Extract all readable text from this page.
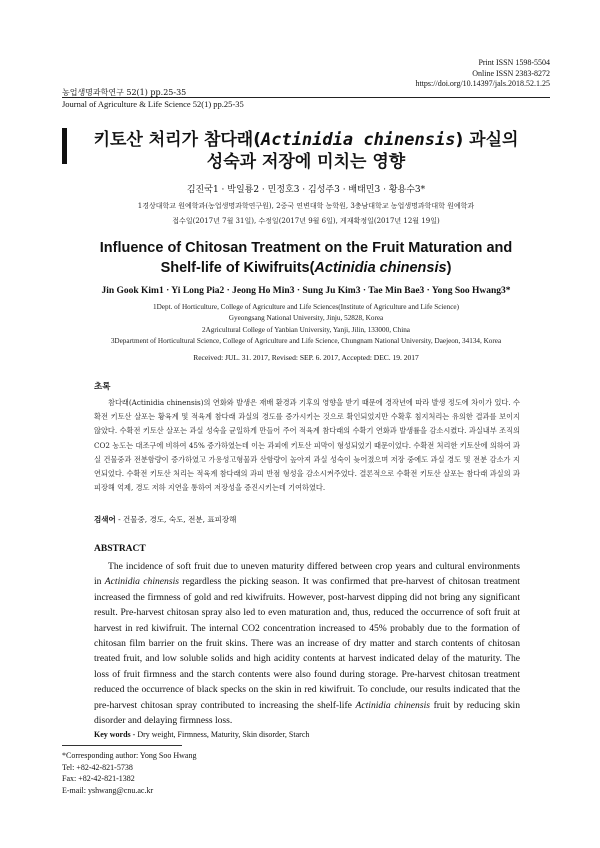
Print ISSN 1598-5504
Online ISSN 2383-8272
https://doi.org/10.14397/jals.2018.52.1.25
농업생명과학연구 52(1) pp.25-35
Journal of Agriculture & Life Science 52(1) pp.25-35
키토산 처리가 참다래(Actinidia chinensis) 과실의
성숙과 저장에 미치는 영향
김진국1 · 박일룡2 · 민정호3 · 김성주3 · 배태민3 · 황용수3*
1경상대학교 원예학과(농업생명과학연구원), 2중국 연변대학 농학원, 3충남대학교 농업생명과학대학 원예학과
접수일(2017년 7월 31일), 수정일(2017년 9월 6일), 게재확정일(2017년 12월 19일)
Influence of Chitosan Treatment on the Fruit Maturation and
Shelf-life of Kiwifruits(Actinidia chinensis)
Jin Gook Kim1 · Yi Long Pia2 · Jeong Ho Min3 · Sung Ju Kim3 · Tae Min Bae3 · Yong Soo Hwang3*
1Dept. of Horticulture, College of Agriculture and Life Sciences(Institute of Agriculture and Life Science)
Gyeongsang National University, Jinju, 52828, Korea
2Agricultural College of Yanbian University, Yanji, Jilin, 133000, China
3Department of Horticultural Science, College of Agriculture and Life Science, Chungnam National University, Daejeon, 34134, Korea
Received: JUL. 31. 2017, Revised: SEP. 6. 2017, Accepted: DEC. 19. 2017
초록
참다래(Actinidia chinensis)의 연화와 발생은 재배 환경과 기후의 영향을 받기 때문에 경작년에 따라 발생 정도에 차이가 있다. 수확전 키토산 살포는 황육계 및 적육계 참다래 과실의 경도를 증가시키는 것으로 확인되었지만 수확후 침지처리는 유의한 결과를 보이지 않았다. 수확전 키토산 살포는 과실 성숙을 균일하게 만들어 주어 적육계 참다래의 수확기 연화과 발생률을 감소시켰다. 과실내부 조직의 CO2 농도는 대조구에 비하여 45% 증가하였는데 이는 과피에 키토산 피막이 형성되었기 때문이었다. 수확전 처리한 키토산에 의하여 과실 건물중과 전분함량이 증가하였고 가용성고형물과 산함량이 높아져 과실 성숙이 늦어졌으며 저장 중에도 과실 경도 및 전분 감소가 지연되었다. 수확전 키토산 처리는 적육계 참다래의 과피 반점 형성을 감소시켜주었다. 결론적으로 수확전 키토산 살포는 참다래 과실의 과피장해 억제, 경도 저하 지연을 통하여 저장성을 증진시키는데 기여하였다.
검색어 - 건물중, 경도, 숙도, 전분, 표피장해
ABSTRACT
The incidence of soft fruit due to uneven maturity differed between crop years and cultural environments in Actinidia chinensis regardless the picking season. It was confirmed that pre-harvest of chitosan treatment increased the firmness of gold and red kiwifruits. However, post-harvest dipping did not bring any significant result. Pre-harvest chitosan spray also led to even maturation and, thus, reduced the occurrence of soft fruit at harvest in red kiwifruit. The internal CO2 concentration increased to 45% probably due to the formation of chitosan film barrier on the fruit skins. There was an increase of dry matter and starch contents of chitosan treated fruit, and low soluble solids and high acidity contents at harvest indicated delay of the maturity. The loss of fruit firmness and the starch contents were also found during storage. Pre-harvest chitosan treatment reduced the occurrence of black specks on the skin in red kiwifruit. To conclude, our results indicated that the pre-harvest chitosan spray contributed to increasing the shelf-life Actinidia chinensis fruit by reducing skin disorder and delaying firmness loss.
Key words - Dry weight, Firmness, Maturity, Skin disorder, Starch
*Corresponding author: Yong Soo Hwang
Tel: +82-42-821-5738
Fax: +82-42-821-1382
E-mail: yshwang@cnu.ac.kr
